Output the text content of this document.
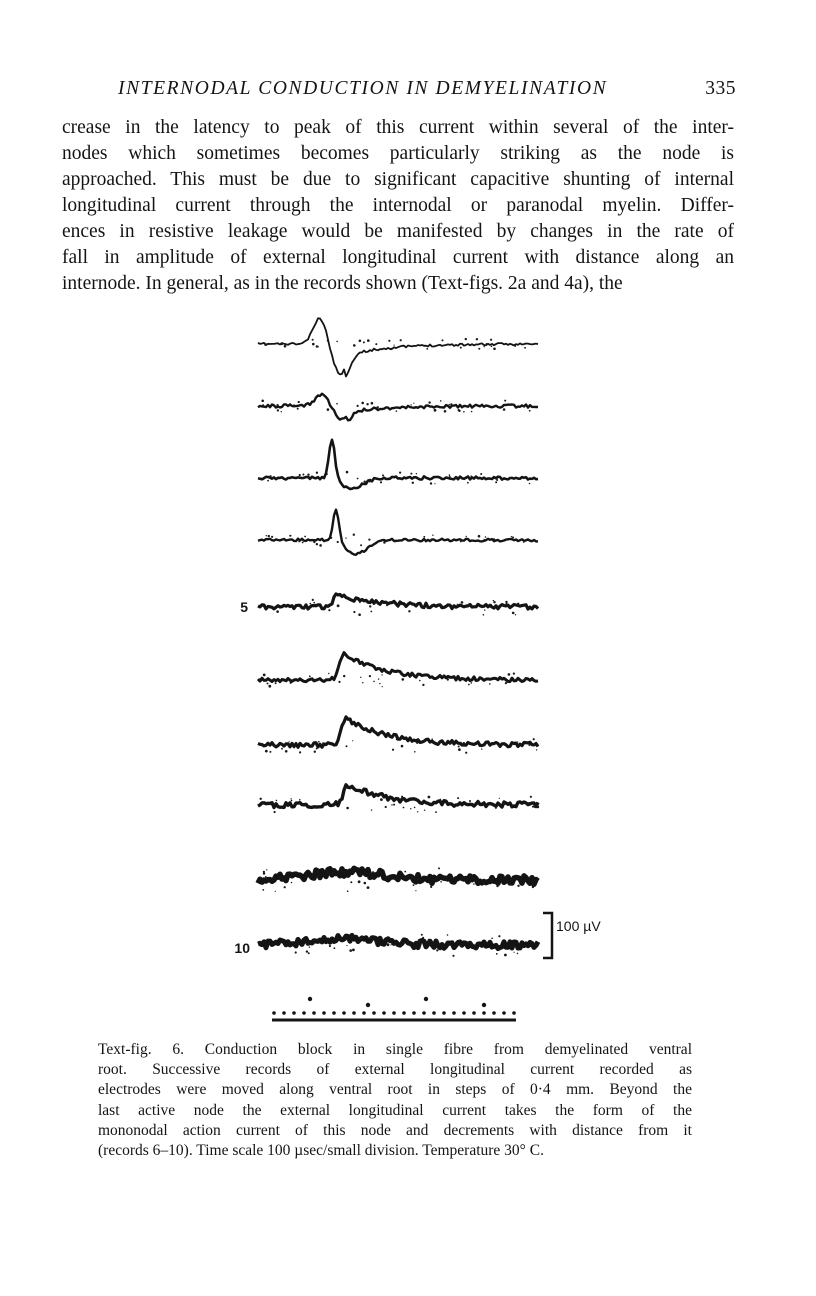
INTERNODAL CONDUCTION IN DEMYELINATION	335
crease in the latency to peak of this current within several of the inter-
nodes which sometimes becomes particularly striking as the node is
approached. This must be due to significant capacitive shunting of internal
longitudinal current through the internodal or paranodal myelin. Differ-
ences in resistive leakage would be manifested by changes in the rate of
fall in amplitude of external longitudinal current with distance along an
internode. In general, as in the records shown (Text-figs. 2a and 4a), the
5
10
100 µV
Text-fig. 6. Conduction block in single fibre from demyelinated ventral
root. Successive records of external longitudinal current recorded as
electrodes were moved along ventral root in steps of 0·4 mm. Beyond the
last active node the external longitudinal current takes the form of the
mononodal action current of this node and decrements with distance from it
(records 6–10). Time scale 100 µsec/small division. Temperature 30° C.
